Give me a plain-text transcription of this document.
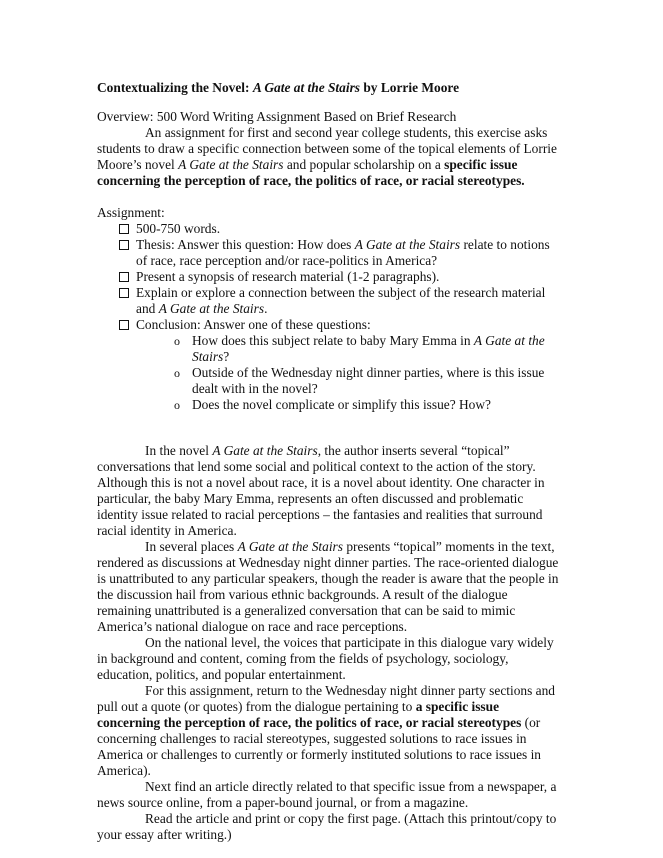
Contextualizing the Novel: A Gate at the Stairs by Lorrie Moore

Overview: 500 Word Writing Assignment Based on Brief Research

An assignment for first and second year college students, this exercise asks students to draw a specific connection between some of the topical elements of Lorrie Moore’s novel A Gate at the Stairs and popular scholarship on a specific issue concerning the perception of race, the politics of race, or racial stereotypes.

Assignment:

500-750 words.
Thesis: Answer this question: How does A Gate at the Stairs relate to notions of race, race perception and/or race-politics in America?
Present a synopsis of research material (1-2 paragraphs).
Explain or explore a connection between the subject of the research material and A Gate at the Stairs.
Conclusion: Answer one of these questions:
o How does this subject relate to baby Mary Emma in A Gate at the Stairs?
o Outside of the Wednesday night dinner parties, where is this issue dealt with in the novel?
o Does the novel complicate or simplify this issue? How?

In the novel A Gate at the Stairs, the author inserts several “topical” conversations that lend some social and political context to the action of the story. Although this is not a novel about race, it is a novel about identity. One character in particular, the baby Mary Emma, represents an often discussed and problematic identity issue related to racial perceptions – the fantasies and realities that surround racial identity in America.

In several places A Gate at the Stairs presents “topical” moments in the text, rendered as discussions at Wednesday night dinner parties. The race-oriented dialogue is unattributed to any particular speakers, though the reader is aware that the people in the discussion hail from various ethnic backgrounds. A result of the dialogue remaining unattributed is a generalized conversation that can be said to mimic America’s national dialogue on race and race perceptions.

On the national level, the voices that participate in this dialogue vary widely in background and content, coming from the fields of psychology, sociology, education, politics, and popular entertainment.

For this assignment, return to the Wednesday night dinner party sections and pull out a quote (or quotes) from the dialogue pertaining to a specific issue concerning the perception of race, the politics of race, or racial stereotypes (or concerning challenges to racial stereotypes, suggested solutions to race issues in America or challenges to currently or formerly instituted solutions to race issues in America).

Next find an article directly related to that specific issue from a newspaper, a news source online, from a paper-bound journal, or from a magazine.

Read the article and print or copy the first page. (Attach this printout/copy to your essay after writing.)
